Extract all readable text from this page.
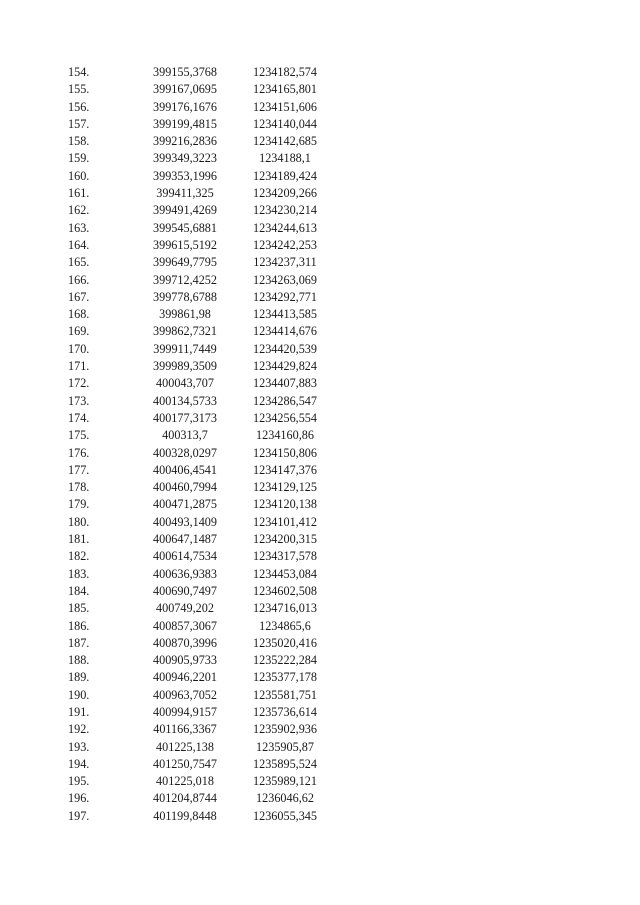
154.	399155,3768	1234182,574
155.	399167,0695	1234165,801
156.	399176,1676	1234151,606
157.	399199,4815	1234140,044
158.	399216,2836	1234142,685
159.	399349,3223	1234188,1
160.	399353,1996	1234189,424
161.	399411,325	1234209,266
162.	399491,4269	1234230,214
163.	399545,6881	1234244,613
164.	399615,5192	1234242,253
165.	399649,7795	1234237,311
166.	399712,4252	1234263,069
167.	399778,6788	1234292,771
168.	399861,98	1234413,585
169.	399862,7321	1234414,676
170.	399911,7449	1234420,539
171.	399989,3509	1234429,824
172.	400043,707	1234407,883
173.	400134,5733	1234286,547
174.	400177,3173	1234256,554
175.	400313,7	1234160,86
176.	400328,0297	1234150,806
177.	400406,4541	1234147,376
178.	400460,7994	1234129,125
179.	400471,2875	1234120,138
180.	400493,1409	1234101,412
181.	400647,1487	1234200,315
182.	400614,7534	1234317,578
183.	400636,9383	1234453,084
184.	400690,7497	1234602,508
185.	400749,202	1234716,013
186.	400857,3067	1234865,6
187.	400870,3996	1235020,416
188.	400905,9733	1235222,284
189.	400946,2201	1235377,178
190.	400963,7052	1235581,751
191.	400994,9157	1235736,614
192.	401166,3367	1235902,936
193.	401225,138	1235905,87
194.	401250,7547	1235895,524
195.	401225,018	1235989,121
196.	401204,8744	1236046,62
197.	401199,8448	1236055,345
